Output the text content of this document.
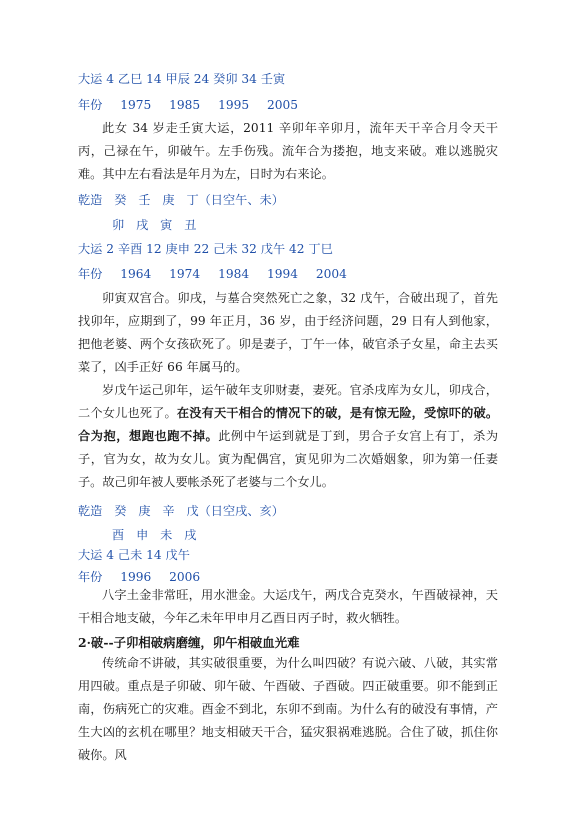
大运 4 乙巳 14 甲辰 24 癸卯 34 壬寅
年份 1975 1985 1995 2005

此女 34 岁走壬寅大运，2011 辛卯年辛卯月，流年天干辛合月令天干丙，己禄在午，卯破午。左手伤残。流年合为搂抱，地支来破。难以逃脱灾难。其中左右看法是年月为左，日时为右来论。

乾造 癸 壬 庚 丁（日空午、未）
卯 戌 寅 丑
大运 2 辛酉 12 庚申 22 己未 32 戊午 42 丁巳
年份 1964 1974 1984 1994 2004

卯寅双宫合。卯戌，与墓合突然死亡之象，32 戊午，合破出现了，首先找卯年，应期到了，99 年正月，36 岁，由于经济问题，29 日有人到他家，把他老婆、两个女孩砍死了。卯是妻子，丁午一体，破官杀子女星，命主去买菜了，凶手正好 66 年属马的。

岁戊午运己卯年，运午破年支卯财妻，妻死。官杀戌库为女儿，卯戌合，二个女儿也死了。在没有天干相合的情况下的破，是有惊无险，受惊吓的破。合为抱，想跑也跑不掉。此例中午运到就是丁到，男合子女宫上有丁，杀为子，官为女，故为女儿。寅为配偶宫，寅见卯为二次婚姻象，卯为第一任妻子。故己卯年被人要帐杀死了老婆与二个女儿。

乾造 癸 庚 辛 戊（日空戌、亥）
酉 申 未 戌
大运 4 己未 14 戊午
年份 1996 2006

八字土金非常旺，用水泄金。大运戊午，两戊合克癸水，午酉破禄神，天干相合地支破，今年乙未年甲申月乙酉日丙子时，救火牺牲。

2·破--子卯相破病磨缠，卯午相破血光难

传统命不讲破，其实破很重要，为什么叫四破？有说六破、八破，其实常用四破。重点是子卯破、卯午破、午酉破、子酉破。四正破重要。卯不能到正南，伤病死亡的灾难。酉金不到北，东卯不到南。为什么有的破没有事情，产生大凶的玄机在哪里？地支相破天干合，猛灾狠祸难逃脱。合住了破，抓住你破你。风
